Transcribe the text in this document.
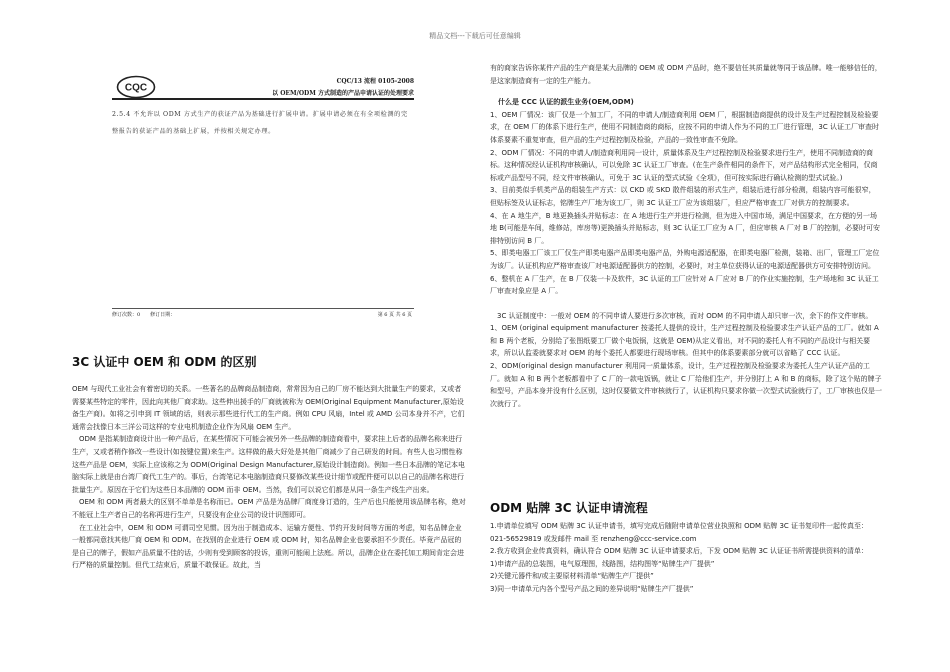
精品文档---下载后可任意编辑
CQC
CQC/13 流程 0105-2008
以 OEM/ODM 方式制造的产品申请认证的处理要求
2.5.4 不允许以 ODM 方式生产的获证产品为基础进行扩展申请。扩展申请必须在有全项检测的完整报告的获证产品的基础上扩展，并按相关规定办理。
修订次数：0　　修订日期：	第 6 页 共 6 页
3C 认证中 OEM 和 ODM 的区别

OEM 与现代工业社会有着密切的关系。一些著名的品牌商品制造商，常常因为自己的厂房不能达到大批量生产的要求，又或者需要某些特定的零件，因此向其他厂商求助。这些伸出援手的厂商就被称为 OEM(Original Equipment Manufacturer,原始设备生产商)。如将之引申到 IT 领域的话，则表示那些进行代工的生产商。例如 CPU 风扇，Intel 或 AMD 公司本身并不产，它们通常会找像日本三洋公司这样的专业电机制造企业作为风扇 OEM 生产。

ODM 是指某制造商设计出一种产品后，在某些情况下可能会被另外一些品牌的制造商看中，要求挂上后者的品牌名称来进行生产，又或者稍作修改一些设计(如按键位置)来生产。这样做的最大好处是其他厂商减少了自己研发的时间。有些人也习惯性称这些产品是 OEM，实际上应该称之为 ODM(Original Design Manufacturer,原始设计制造商)。例如一些日本品牌的笔记本电脑实际上就是由台湾厂商代工生产的。事后，台湾笔记本电脑制造商只要修改某些设计细节或配件便可以以自己的品牌名称进行批量生产。原因在于它们为这些日本品牌的 ODM 而非 OEM。当然，我们可以说它们都是从同一条生产线生产出来。

OEM 和 ODM 两者最大的区别不单单是名称而已。OEM 产品是为品牌厂商度身订造的，生产后也只能使用该品牌名称，绝对不能冠上生产者自己的名称再进行生产，只要没有企业公司的设计识图即可。

在工业社会中，OEM 和 ODM 可谓司空见惯。因为出于制造成本、运输方便性、节约开发时间等方面的考虑，知名品牌企业一般都同意找其他厂商 OEM 和 ODM。在找别的企业进行 OEM 或 ODM 时，知名品牌企业也要承担不少责任。毕竟产品冠的是自己的牌子，假如产品质量不佳的话，少则有受到顾客的投诉，重则可能闹上法庭。所以，品牌企业在委托加工期间肯定会进行严格的质量控制。但代工结束后，质量不敢保证。故此，当

有的商家告诉你某件产品的生产商是某大品牌的 OEM 或 ODM 产品时，绝不要信任其质量就等同于该品牌。唯一能够信任的，是这家制造商有一定的生产能力。

什么是 CCC 认证的派生业务(OEM,ODM)

1、OEM 厂情况：该厂仅是一个加工厂，不同的申请人/制造商利用 OEM 厂，根据制造商提供的设计及生产过程控制及检验要求，在 OEM 厂的体系下进行生产，使用不同制造商的商标，应按不同的申请人作为不同的工厂进行管理，3C 认证工厂审查时体系要素不重复审查，但产品的生产过程控制及检验，产品的一致性审查不免除。

2、ODM 厂情况：不同的申请人/制造商利用同一设计，质量体系及生产过程控制及检验要求进行生产，使用不同制造商的商标。这种情况经认证机构审核确认，可以免除 3C 认证工厂审查。(在生产条件相同的条件下，对产品结构形式完全相同，仅商标或产品型号不同，经文件审核确认，可免于 3C 认证的型式试验《全项》，但可按实际进行确认检测的型式试验。)

3、目前类似手机类产品的组装生产方式：以 CKD 或 SKD 散件组装的形式生产，组装后进行部分检测，组装内容可能很窄，但贴标签及认证标志，铭牌生产厂地为该工厂，则 3C 认证工厂应为该组装厂，但应严格审查工厂对供方的控制要求。

4、在 A 地生产，B 地更换插头并贴标志：在 A 地进行生产并进行检测，但为进入中国市场，满足中国要求，在方便的另一场地 B(可能是车间，维修站，库房等)更换插头并贴标志，则 3C 认证工厂应为 A 厂，但应审核 A 厂对 B 厂的控制，必要时可安排特别访问 B 厂。

5、即类电器工厂该工厂仅生产即类电器产品即类电器产品，外购电源适配器，在即类电器厂检测，装箱、出厂，管理工厂定位为该厂。认证机构应严格审查该厂对电源适配器供方的控制，必要时，对主单位获得认证的电源适配器供方可安排特别访问。

6、整机在 A 厂生产，在 B 厂仅装一卡及软件，3C 认证的工厂应针对 A 厂应对 B 厂的作业实施控制，生产场地和 3C 认证工厂审查对象应是 A 厂。

3C 认证制度中：一般对 OEM 的不同申请人要进行多次审核，而对 ODM 的不同申请人却只审一次，余下的作文件审核。

1、OEM (original equipment manufacturer 按委托人提供的设计，生产过程控制及检验要求生产认证产品的工厂。就如 A 和 B 两个老板，分别给了张图纸要工厂做个电饭锅，这就是 OEM)从定义看出，对不同的委托人有不同的产品设计与相关要求，所以认监委就要求对 OEM 的每个委托人都要进行现场审核。但其中的体系要素部分就可以省略了 CCC 认证。

2、ODM(original design manufacturer 利用同一质量体系，设计，生产过程控制及检验要求为委托人生产认证产品的工厂。就如 A 和 B 两个老板都看中了 C 厂的一款电饭锅，就让 C 厂给他们生产，并分别打上 A 和 B 的商标，除了这个贴的牌子和型号，产品本身并没有什么区别，这时仅要做文件审核就行了，认证机构只要求你做一次型式试验就行了，工厂审核也仅是一次就行了。

ODM 贴牌 3C 认证申请流程

1.申请单位填写 ODM 贴牌 3C 认证申请书，填写完成后随附申请单位营业执照和 ODM 贴牌 3C 证书复印件一起传真至：021-56529819 或发邮件 mail 至 renzheng@ccc-service.com

2.我方收到企业传真资料，确认符合 ODM 贴牌 3C 认证申请要求后，下发 ODM 贴牌 3C 认证证书所需提供资料的清单：

1)申请产品的总装图，电气原理图，线路图，结构图等“贴牌生产厂提供”

2)关键元器件和/或主要原材料清单“贴牌生产厂提供”

3)同一申请单元内各个型号产品之间的差异说明“贴牌生产厂提供”
